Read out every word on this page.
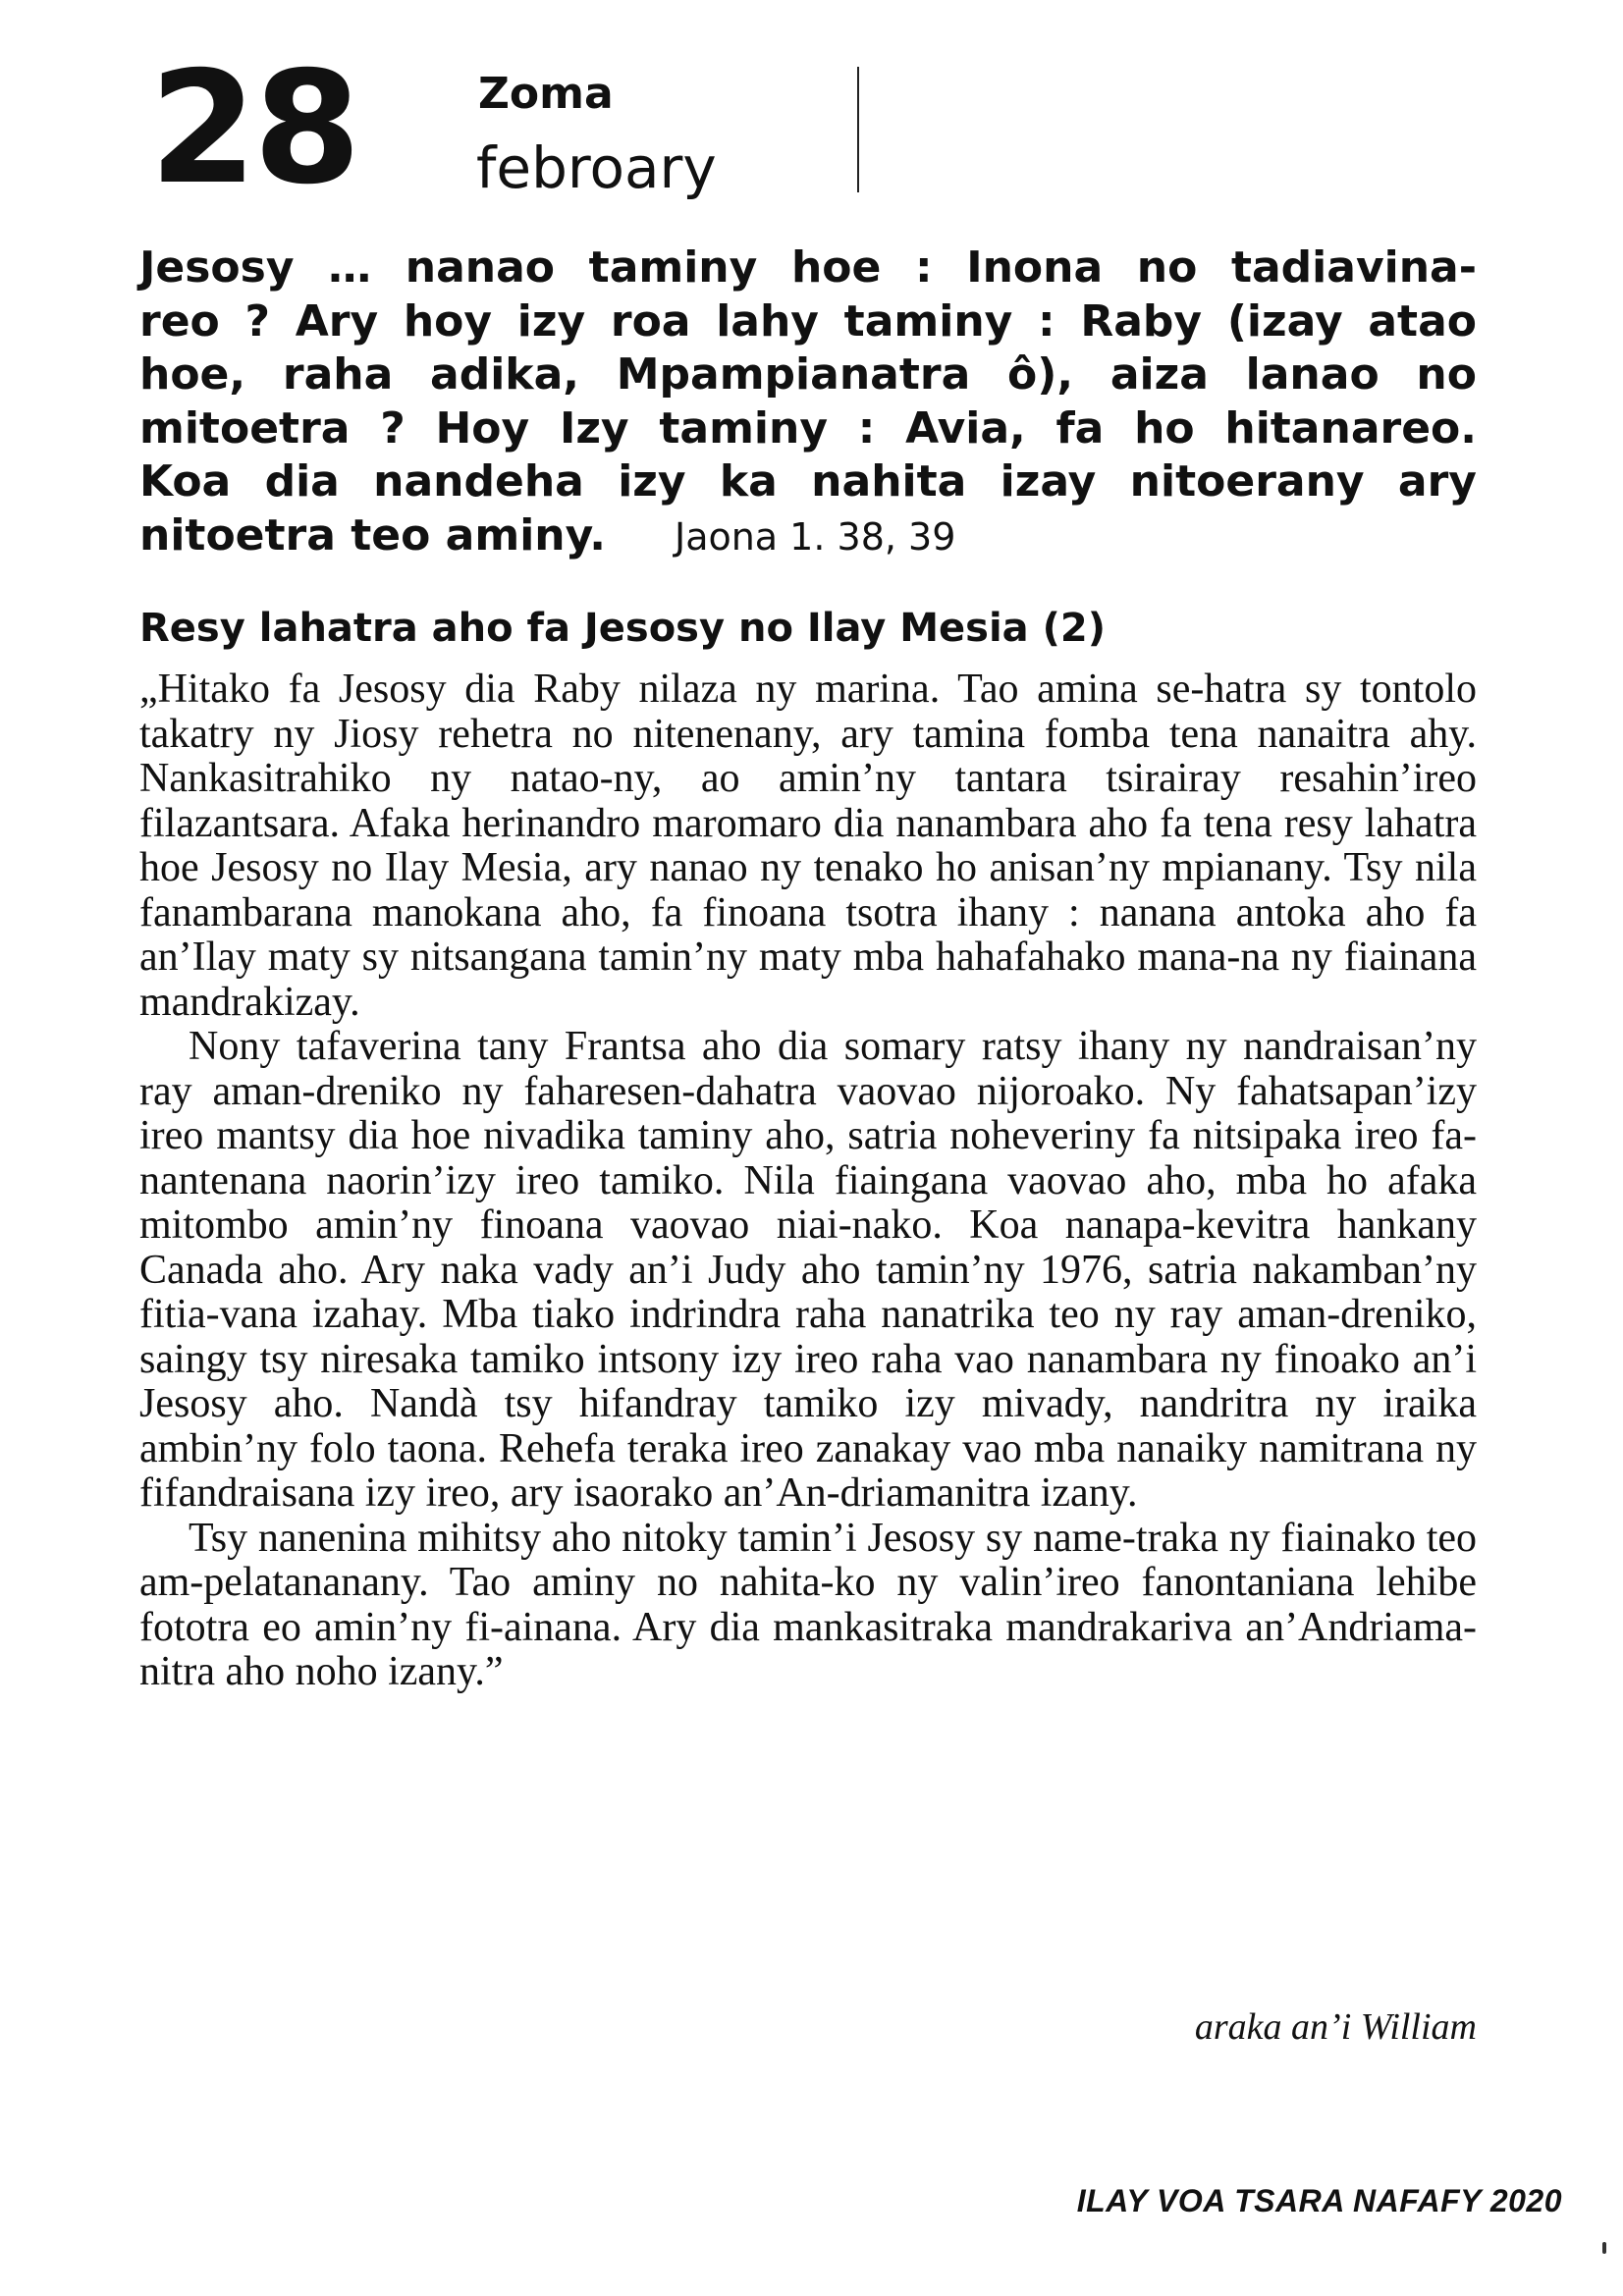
28	Zoma
febroary
Jesosy … nanao taminy hoe : Inona no tadiavina-
reo ? Ary hoy izy roa lahy taminy : Raby (izay atao
hoe, raha adika, Mpampianatra ô), aiza lanao no
mitoetra ? Hoy Izy taminy : Avia, fa ho hitanareo.
Koa dia nandeha izy ka nahita izay nitoerany ary
nitoetra teo aminy. Jaona 1. 38, 39
Resy lahatra aho fa Jesosy no Ilay Mesia (2)

„Hitako fa Jesosy dia Raby nilaza ny marina. Tao amina se-hatra sy tontolo takatry ny Jiosy rehetra no nitenenany, ary tamina fomba tena nanaitra ahy. Nankasitrahiko ny natao-ny, ao amin’ny tantara tsirairay resahin’ireo filazantsara. Afaka herinandro maromaro dia nanambara aho fa tena resy lahatra hoe Jesosy no Ilay Mesia, ary nanao ny tenako ho anisan’ny mpianany. Tsy nila fanambarana manokana aho, fa finoana tsotra ihany : nanana antoka aho fa an’Ilay maty sy nitsangana tamin’ny maty mba hahafahako mana-na ny fiainana mandrakizay.

Nony tafaverina tany Frantsa aho dia somary ratsy ihany ny nandraisan’ny ray aman-dreniko ny faharesen-dahatra vaovao nijoroako. Ny fahatsapan’izy ireo mantsy dia hoe nivadika taminy aho, satria noheveriny fa nitsipaka ireo fa-nantenana naorin’izy ireo tamiko. Nila fiaingana vaovao aho, mba ho afaka mitombo amin’ny finoana vaovao niai-nako. Koa nanapa-kevitra hankany Canada aho. Ary naka vady an’i Judy aho tamin’ny 1976, satria nakamban’ny fitia-vana izahay. Mba tiako indrindra raha nanatrika teo ny ray aman-dreniko, saingy tsy niresaka tamiko intsony izy ireo raha vao nanambara ny finoako an’i Jesosy aho. Nandà tsy hifandray tamiko izy mivady, nandritra ny iraika ambin’ny folo taona. Rehefa teraka ireo zanakay vao mba nanaiky namitrana ny fifandraisana izy ireo, ary isaorako an’An-driamanitra izany.

Tsy nanenina mihitsy aho nitoky tamin’i Jesosy sy name-traka ny fiainako teo am-pelatananany. Tao aminy no nahita-ko ny valin’ireo fanontaniana lehibe fototra eo amin’ny fi-ainana. Ary dia mankasitraka mandrakariva an’Andriama-nitra aho noho izany.”

araka an’i William
ILAY VOA TSARA NAFAFY 2020
